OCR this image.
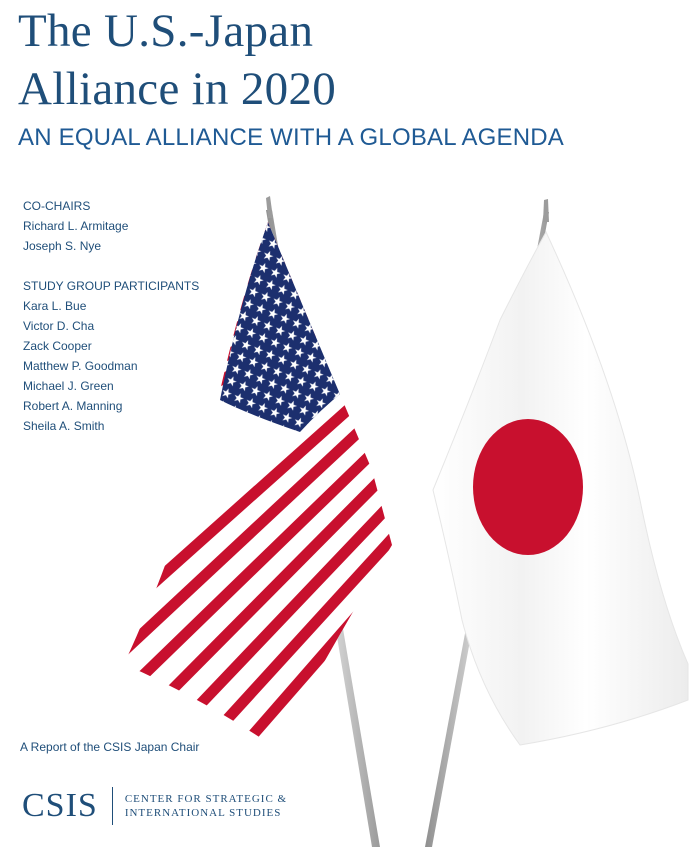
The U.S.-Japan
Alliance in 2020
AN EQUAL ALLIANCE WITH A GLOBAL AGENDA
CO-CHAIRS
Richard L. Armitage
Joseph S. Nye
STUDY GROUP PARTICIPANTS
Kara L. Bue
Victor D. Cha
Zack Cooper
Matthew P. Goodman
Michael J. Green
Robert A. Manning
Sheila A. Smith
A Report of the CSIS Japan Chair
CSIS CENTER FOR STRATEGIC &
INTERNATIONAL STUDIES
